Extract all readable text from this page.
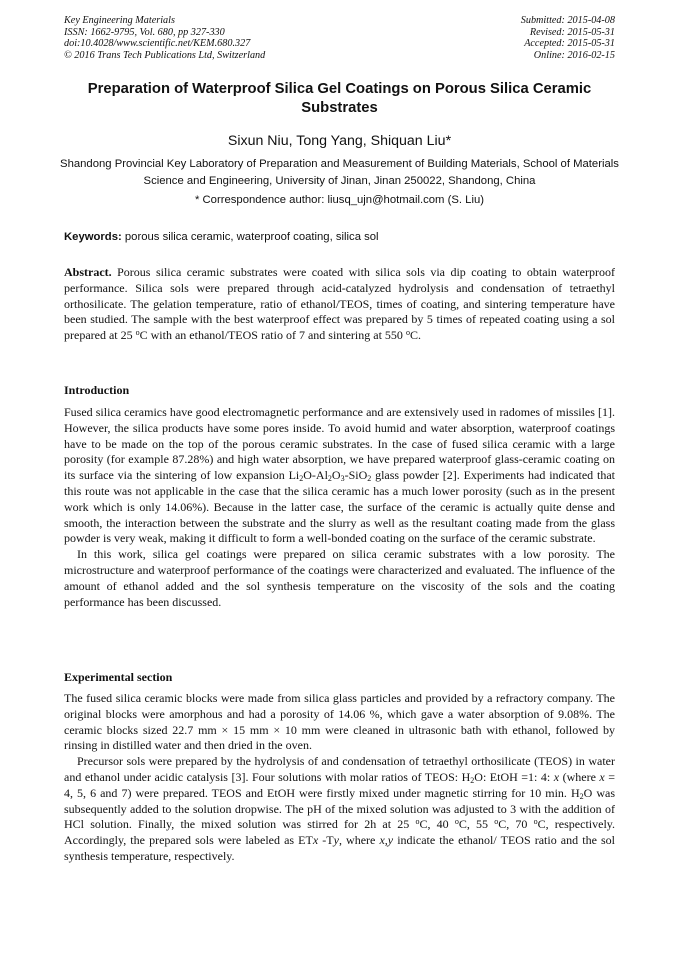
Key Engineering Materials
ISSN: 1662-9795, Vol. 680, pp 327-330
doi:10.4028/www.scientific.net/KEM.680.327
© 2016 Trans Tech Publications Ltd, Switzerland
Submitted: 2015-04-08
Revised: 2015-05-31
Accepted: 2015-05-31
Online: 2016-02-15
Preparation of Waterproof Silica Gel Coatings on Porous Silica Ceramic Substrates
Sixun Niu, Tong Yang, Shiquan Liu*
Shandong Provincial Key Laboratory of Preparation and Measurement of Building Materials, School of Materials Science and Engineering, University of Jinan, Jinan 250022, Shandong, China
* Correspondence author: liusq_ujn@hotmail.com (S. Liu)
Keywords: porous silica ceramic, waterproof coating, silica sol

Abstract. Porous silica ceramic substrates were coated with silica sols via dip coating to obtain waterproof performance. Silica sols were prepared through acid-catalyzed hydrolysis and condensation of tetraethyl orthosilicate. The gelation temperature, ratio of ethanol/TEOS, times of coating, and sintering temperature have been studied. The sample with the best waterproof effect was prepared by 5 times of repeated coating using a sol prepared at 25 $^o$C with an ethanol/TEOS ratio of 7 and sintering at 550 $^o$C.

Introduction

Fused silica ceramics have good electromagnetic performance and are extensively used in radomes of missiles [1]. However, the silica products have some pores inside. To avoid humid and water absorption, waterproof coatings have to be made on the top of the porous ceramic substrates. In the case of fused silica ceramic with a large porosity (for example 87.28%) and high water absorption, we have prepared waterproof glass-ceramic coating on its surface via the sintering of low expansion $Li_2O-Al_2O_3-SiO_2$ glass powder [2]. Experiments had indicated that this route was not applicable in the case that the silica ceramic has a much lower porosity (such as in the present work which is only 14.06%). Because in the latter case, the surface of the ceramic is actually quite dense and smooth, the interaction between the substrate and the slurry as well as the resultant coating made from the glass powder is very weak, making it difficult to form a well-bonded coating on the surface of the ceramic substrate.

In this work, silica gel coatings were prepared on silica ceramic substrates with a low porosity. The microstructure and waterproof performance of the coatings were characterized and evaluated. The influence of the amount of ethanol added and the sol synthesis temperature on the viscosity of the sols and the coating performance has been discussed.

Experimental section

The fused silica ceramic blocks were made from silica glass particles and provided by a refractory company. The original blocks were amorphous and had a porosity of 14.06 %, which gave a water absorption of 9.08%. The ceramic blocks sized 22.7 mm × 15 mm × 10 mm were cleaned in ultrasonic bath with ethanol, followed by rinsing in distilled water and then dried in the oven.

Precursor sols were prepared by the hydrolysis of and condensation of tetraethyl orthosilicate (TEOS) in water and ethanol under acidic catalysis [3]. Four solutions with molar ratios of TEOS: $H_2O$: EtOH =1: 4: x (where x = 4, 5, 6 and 7) were prepared. TEOS and EtOH were firstly mixed under magnetic stirring for 10 min. $H_2O$ was subsequently added to the solution dropwise. The pH of the mixed solution was adjusted to 3 with the addition of HCl solution. Finally, the mixed solution was stirred for 2h at 25 $^o$C, 40 $^o$C, 55 $^o$C, 70 $^o$C, respectively. Accordingly, the prepared sols were labeled as ETx -Ty, where x,y indicate the ethanol/ TEOS ratio and the sol synthesis temperature, respectively.
